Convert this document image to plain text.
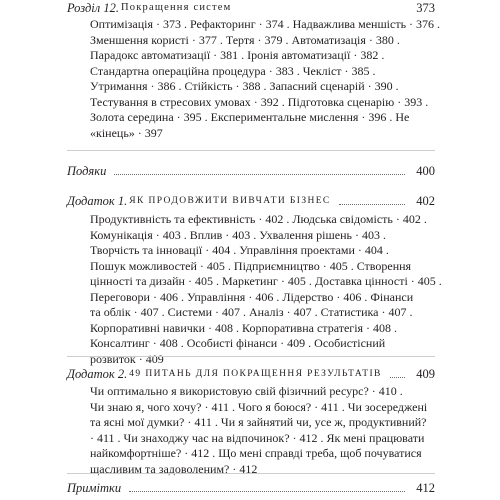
Розділ 12. Покращення систем	373
Оптимізація · 373 . Рефакторинг · 374 . Надважлива меншість · 376 .
Зменшення користі · 377 . Тертя · 379 . Автоматизація · 380 .
Парадокс автоматизації · 381 . Іронія автоматизації · 382 .
Стандартна операційна процедура · 383 . Чекліст · 385 .
Утримання · 386 . Стійкість · 388 . Запасний сценарій · 390 .
Тестування в стресових умовах · 392 . Підготовка сценарію · 393 .
Золота середина · 395 . Експериментальне мислення · 396 . Не
«кінець» · 397
Подяки	400
Додаток 1. ЯК ПРОДОВЖИТИ ВИВЧАТИ БІЗНЕС	402
Продуктивність та ефективність · 402 . Людська свідомість · 402 .
Комунікація · 403 . Вплив · 403 . Ухвалення рішень · 403 .
Творчість та інновації · 404 . Управління проектами · 404 .
Пошук можливостей · 405 . Підприємництво · 405 . Створення
цінності та дизайн · 405 . Маркетинг · 405 . Доставка цінності · 405 .
Переговори · 406 . Управління · 406 . Лідерство · 406 . Фінанси
та облік · 407 . Системи · 407 . Аналіз · 407 . Статистика · 407 .
Корпоративні навички · 408 . Корпоративна стратегія · 408 .
Консалтинг · 408 . Особисті фінанси · 409 . Особистісний
розвиток · 409
Додаток 2. 49 ПИТАНЬ ДЛЯ ПОКРАЩЕННЯ РЕЗУЛЬТАТІВ	409
Чи оптимально я використовую свій фізичний ресурс? · 410 .
Чи знаю я, чого хочу? · 411 . Чого я боюся? · 411 . Чи зосереджені
та ясні мої думки? · 411 . Чи я зайнятий чи, усе ж, продуктивний?
· 411 . Чи знаходжу час на відпочинок? · 412 . Як мені працювати
найкомфортніше? · 412 . Що мені справді треба, щоб почуватися
щасливим та задоволеним? · 412
Примітки	412
